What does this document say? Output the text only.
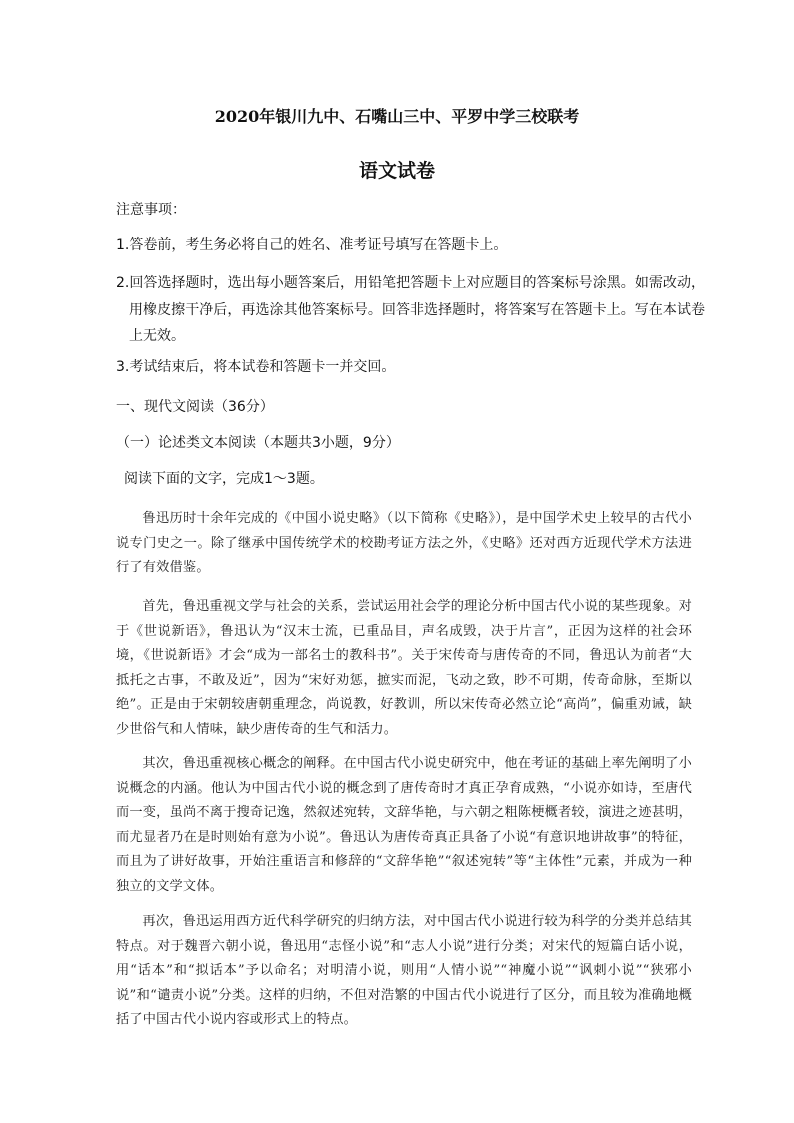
2020年银川九中、石嘴山三中、平罗中学三校联考
语文试卷
注意事项：

1.答卷前，考生务必将自己的姓名、准考证号填写在答题卡上。

2.回答选择题时，选出每小题答案后，用铅笔把答题卡上对应题目的答案标号涂黑。如需改动，用橡皮擦干净后，再选涂其他答案标号。回答非选择题时，将答案写在答题卡上。写在本试卷上无效。

3.考试结束后，将本试卷和答题卡一并交回。

一、现代文阅读（36分）
（一）论述类文本阅读（本题共3小题，9分）
阅读下面的文字，完成1～3题。

鲁迅历时十余年完成的《中国小说史略》（以下简称《史略》），是中国学术史上较早的古代小说专门史之一。除了继承中国传统学术的校勘考证方法之外，《史略》还对西方近现代学术方法进行了有效借鉴。

首先，鲁迅重视文学与社会的关系，尝试运用社会学的理论分析中国古代小说的某些现象。对于《世说新语》，鲁迅认为“汉末士流，已重品目，声名成毁，决于片言”，正因为这样的社会环境，《世说新语》才会“成为一部名士的教科书”。关于宋传奇与唐传奇的不同，鲁迅认为前者“大抵托之古事，不敢及近”，因为“宋好劝惩，摭实而泥，飞动之致，眇不可期，传奇命脉，至斯以绝”。正是由于宋朝较唐朝重理念，尚说教，好教训，所以宋传奇必然立论“高尚”，偏重劝诫，缺少世俗气和人情味，缺少唐传奇的生气和活力。

其次，鲁迅重视核心概念的阐释。在中国古代小说史研究中，他在考证的基础上率先阐明了小说概念的内涵。他认为中国古代小说的概念到了唐传奇时才真正孕育成熟，“小说亦如诗，至唐代而一变，虽尚不离于搜奇记逸，然叙述宛转，文辞华艳，与六朝之粗陈梗概者较，演进之迹甚明，而尤显者乃在是时则始有意为小说”。鲁迅认为唐传奇真正具备了小说“有意识地讲故事”的特征，而且为了讲好故事，开始注重语言和修辞的“文辞华艳”“叙述宛转”等“主体性”元素，并成为一种独立的文学文体。

再次，鲁迅运用西方近代科学研究的归纳方法，对中国古代小说进行较为科学的分类并总结其特点。对于魏晋六朝小说，鲁迅用“志怪小说”和“志人小说”进行分类；对宋代的短篇白话小说，用“话本”和“拟话本”予以命名；对明清小说，则用“人情小说”“神魔小说”“讽刺小说”“狭邪小说”和“谴责小说”分类。这样的归纳，不但对浩繁的中国古代小说进行了区分，而且较为准确地概括了中国古代小说内容或形式上的特点。
